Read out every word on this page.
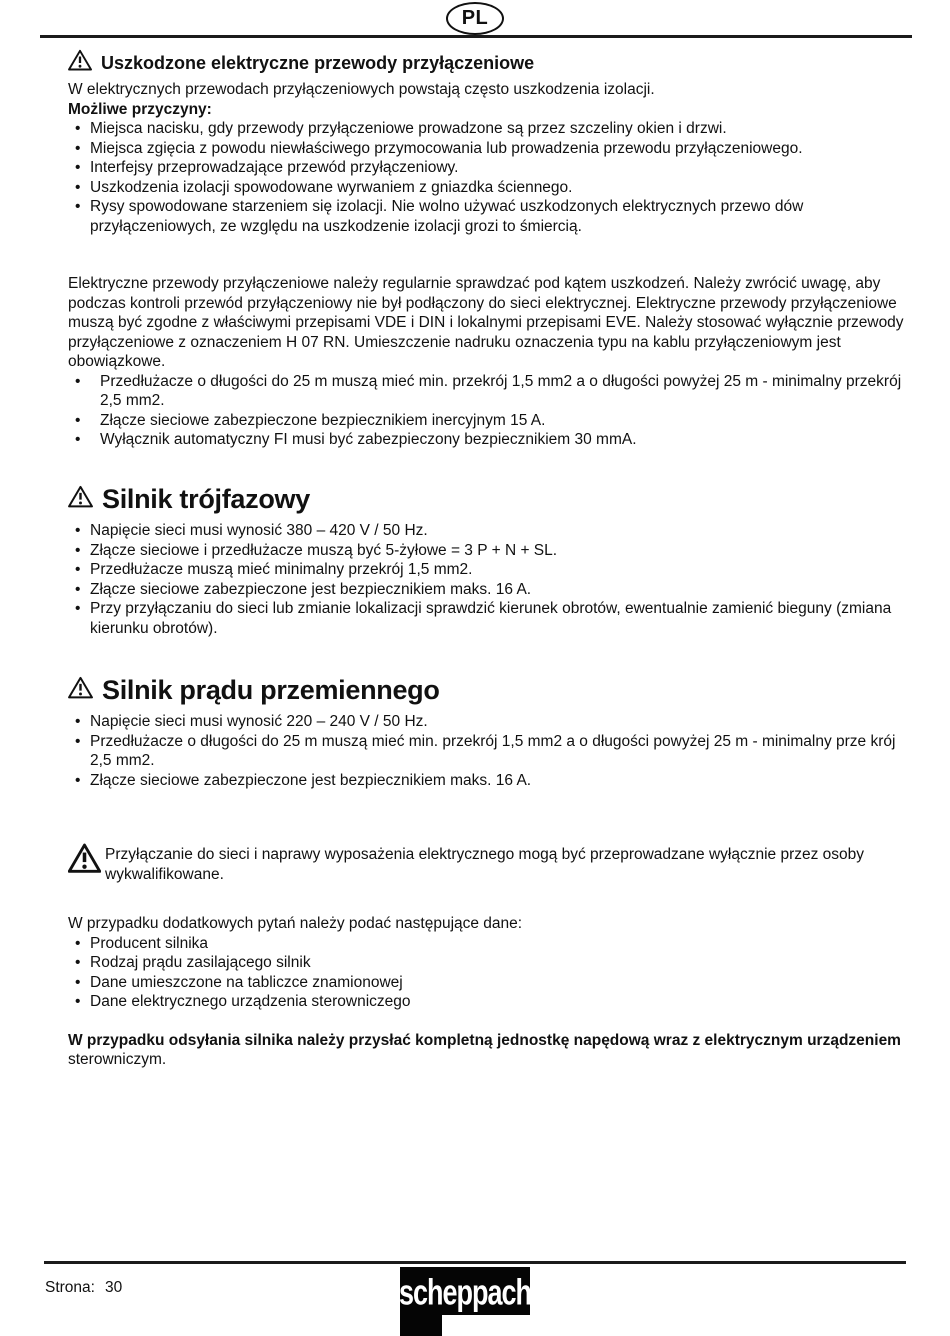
PL
Uszkodzone elektryczne przewody przyłączeniowe

W elektrycznych przewodach przyłączeniowych powstają często uszkodzenia izolacji.

Możliwe przyczyny:

• Miejsca nacisku, gdy przewody przyłączeniowe prowadzone są przez szczeliny okien i drzwi.
• Miejsca zgięcia z powodu niewłaściwego przymocowania lub prowadzenia przewodu przyłączeniowego.
• Interfejsy przeprowadzające przewód przyłączeniowy.
• Uszkodzenia izolacji spowodowane wyrwaniem z gniazdka ściennego.
• Rysy spowodowane starzeniem się izolacji. Nie wolno używać uszkodzonych elektrycznych przewo dów przyłączeniowych, ze względu na uszkodzenie izolacji grozi to śmiercią.

Elektryczne przewody przyłączeniowe należy regularnie sprawdzać pod kątem uszkodzeń. Należy zwrócić uwagę, aby podczas kontroli przewód przyłączeniowy nie był podłączony do sieci elektrycznej. Elektryczne przewody przyłączeniowe muszą być zgodne z właściwymi przepisami VDE i DIN i lokalnymi przepisami EVE. Należy stosować wyłącznie przewody przyłączeniowe z oznaczeniem H 07 RN. Umieszczenie nadruku oznaczenia typu na kablu przyłączeniowym jest obowiązkowe.

• Przedłużacze o długości do 25 m muszą mieć min. przekrój 1,5 mm2 a o długości powyżej 25 m - minimalny przekrój 2,5 mm2.
• Złącze sieciowe zabezpieczone bezpiecznikiem inercyjnym 15 A.
• Wyłącznik automatyczny FI musi być zabezpieczony bezpiecznikiem 30 mmA.
Silnik trójfazowy
• Napięcie sieci musi wynosić 380 – 420 V / 50 Hz.
• Złącze sieciowe i przedłużacze muszą być 5-żyłowe = 3 P + N + SL.
• Przedłużacze muszą mieć minimalny przekrój 1,5 mm2.
• Złącze sieciowe zabezpieczone jest bezpiecznikiem maks. 16 A.
• Przy przyłączaniu do sieci lub zmianie lokalizacji sprawdzić kierunek obrotów, ewentualnie zamienić bieguny (zmiana kierunku obrotów).
Silnik prądu przemiennego
• Napięcie sieci musi wynosić 220 – 240 V / 50 Hz.
• Przedłużacze o długości do 25 m muszą mieć min. przekrój 1,5 mm2 a o długości powyżej 25 m - minimalny prze krój 2,5 mm2.
• Złącze sieciowe zabezpieczone jest bezpiecznikiem maks. 16 A.

Przyłączanie do sieci i naprawy wyposażenia elektrycznego mogą być przeprowadzane wyłącznie przez osoby wykwalifikowane.

W przypadku dodatkowych pytań należy podać następujące dane:

• Producent silnika
• Rodzaj prądu zasilającego silnik
• Dane umieszczone na tabliczce znamionowej
• Dane elektrycznego urządzenia sterowniczego

W przypadku odsyłania silnika należy przysłać kompletną jednostkę napędową wraz z elektrycznym urządzeniem sterowniczym.

Strona: 30	scheppach
